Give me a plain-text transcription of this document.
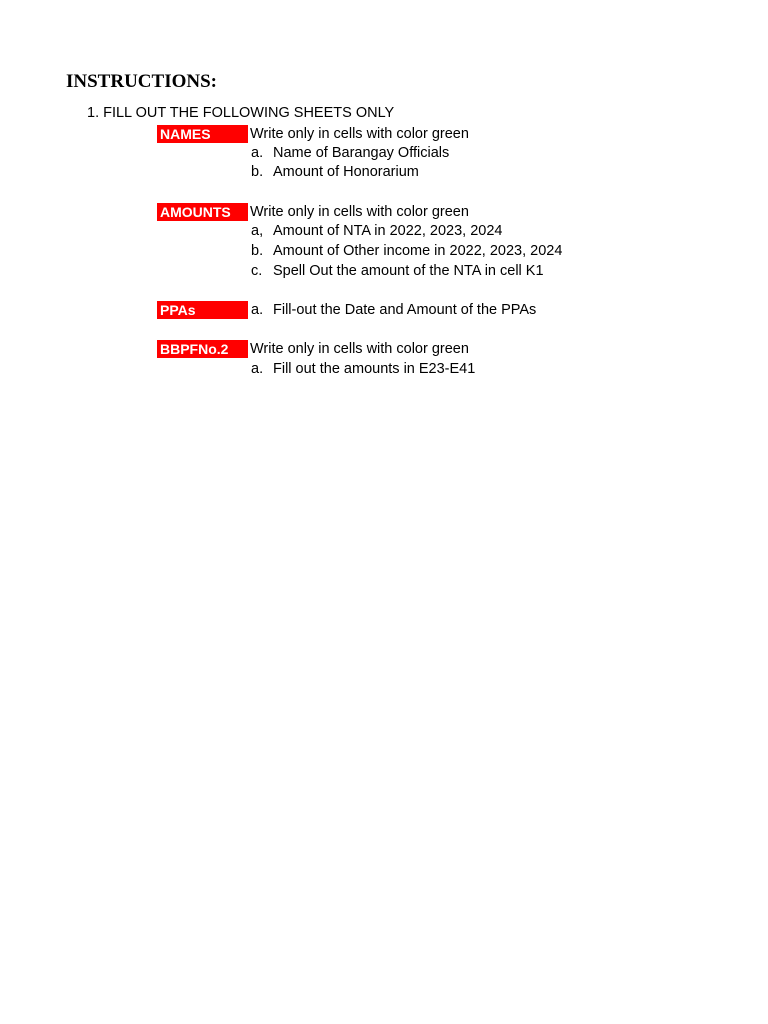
INSTRUCTIONS:
1. FILL OUT THE FOLLOWING SHEETS ONLY
NAMES	Write only in cells with color green
a. Name of Barangay Officials
b. Amount of Honorarium
AMOUNTS	Write only in cells with color green
a, Amount of NTA in 2022, 2023, 2024
b. Amount of Other income in 2022, 2023, 2024
c. Spell Out the amount of the NTA in cell K1
PPAs	a. Fill-out the Date and Amount of the PPAs
BBPFNo.2	Write only in cells with color green
a. Fill out the amounts in E23-E41
